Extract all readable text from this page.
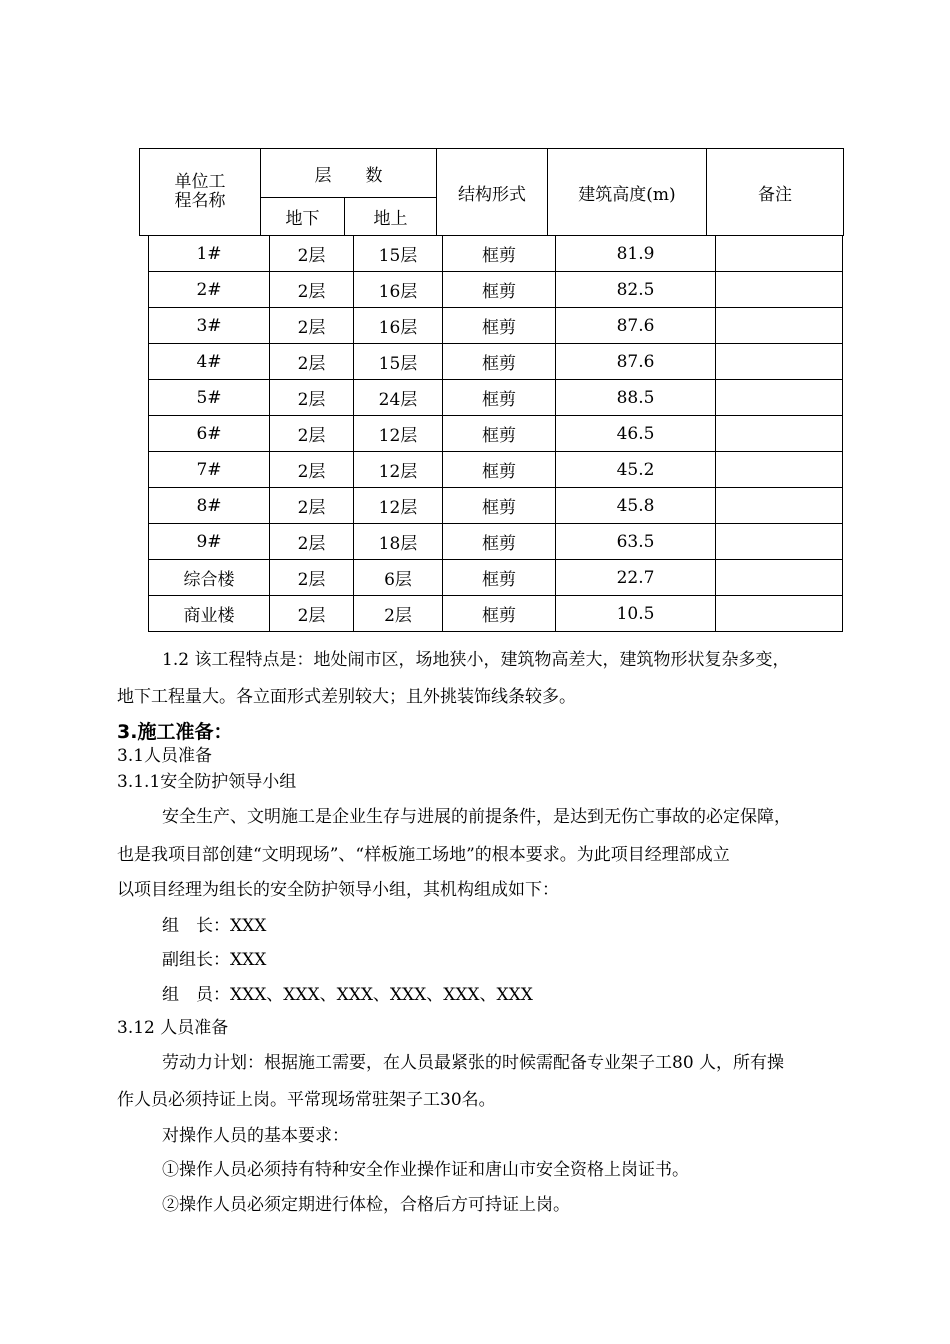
单位工程名称	层　　数		结构形式	建筑高度(m)	备注
	地下	地上			
1#	2层	15层	框剪	81.9	
2#	2层	16层	框剪	82.5	
3#	2层	16层	框剪	87.6	
4#	2层	15层	框剪	87.6	
5#	2层	24层	框剪	88.5	
6#	2层	12层	框剪	46.5	
7#	2层	12层	框剪	45.2	
8#	2层	12层	框剪	45.8	
9#	2层	18层	框剪	63.5	
综合楼	2层	6层	框剪	22.7	
商业楼	2层	2层	框剪	10.5	
1.2 该工程特点是：地处闹市区，场地狭小，建筑物高差大，建筑物形状复杂多变，
地下工程量大。各立面形式差别较大；且外挑装饰线条较多。
3.施工准备：
3.1人员准备
3.1.1安全防护领导小组
安全生产、文明施工是企业生存与进展的前提条件，是达到无伤亡事故的必定保障，
也是我项目部创建“文明现场”、“样板施工场地”的根本要求。为此项目经理部成立
以项目经理为组长的安全防护领导小组，其机构组成如下：
组　长：XXX
副组长：XXX
组　员：XXX、XXX、XXX、XXX、XXX、XXX
3.12 人员准备
劳动力计划：根据施工需要，在人员最紧张的时候需配备专业架子工80 人，所有操
作人员必须持证上岗。平常现场常驻架子工30名。
对操作人员的基本要求：
①操作人员必须持有特种安全作业操作证和唐山市安全资格上岗证书。
②操作人员必须定期进行体检，合格后方可持证上岗。
